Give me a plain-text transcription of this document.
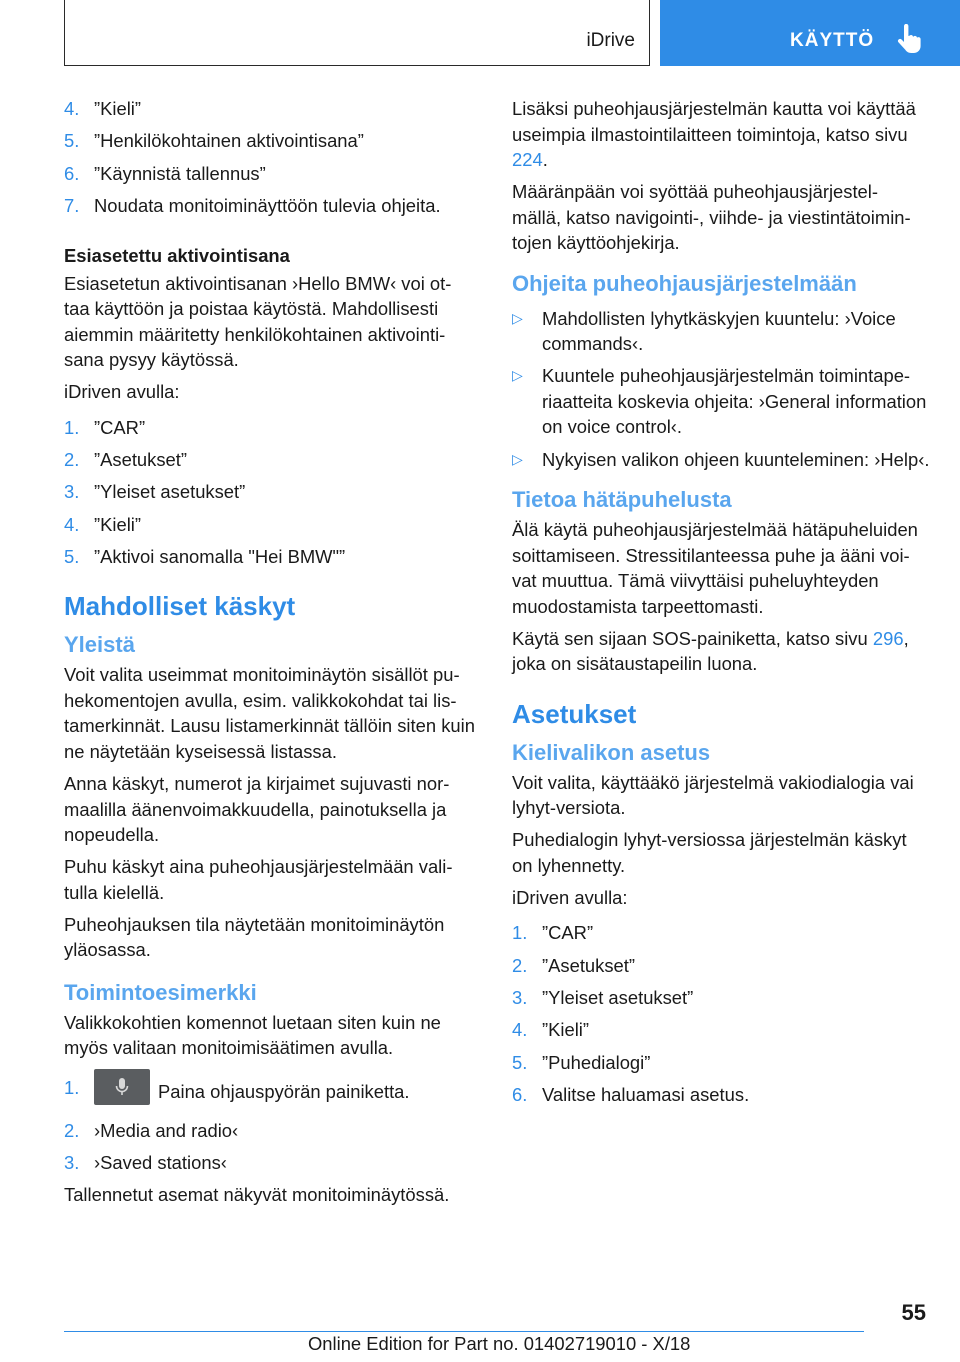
iDrive	KÄYTTÖ
4. ”Kieli”
5. ”Henkilökohtainen aktivointisana”
6. ”Käynnistä tallennus”
7. Noudata monitoiminäyttöön tulevia ohjeita.
Esiasetettu aktivointisana
Esiasetetun aktivointisanan ›Hello BMW‹ voi ot- taa käyttöön ja poistaa käytöstä. Mahdollisesti aiemmin määritetty henkilökohtainen aktivointi- sana pysyy käytössä.
iDriven avulla:
1. ”CAR”
2. ”Asetukset”
3. ”Yleiset asetukset”
4. ”Kieli”
5. ”Aktivoi sanomalla "Hei BMW"”
Mahdolliset käskyt
Yleistä
Voit valita useimmat monitoiminäytön sisällöt pu- hekomentojen avulla, esim. valikkokohdat tai lis- tamerkinnät. Lausu listamerkinnät tällöin siten kuin ne näytetään kyseisessä listassa.
Anna käskyt, numerot ja kirjaimet sujuvasti nor- maalilla äänenvoimakkuudella, painotuksella ja nopeudella.
Puhu käskyt aina puheohjausjärjestelmään vali- tulla kielellä.
Puheohjauksen tila näytetään monitoiminäytön yläosassa.
Toimintoesimerkki
Valikkokohtien komennot luetaan siten kuin ne myös valitaan monitoimisäätimen avulla.
1.	Paina ohjauspyörän painiketta.
2. ›Media and radio‹
3. ›Saved stations‹
Tallennetut asemat näkyvät monitoiminäytössä.
Lisäksi puheohjausjärjestelmän kautta voi käyttää useimpia ilmastointilaitteen toimintoja, katso sivu 224.
Määränpään voi syöttää puheohjausjärjestel- mällä, katso navigointi-, viihde- ja viestintätoimin- tojen käyttöohjekirja.
Ohjeita puheohjausjärjestelmään
▷ Mahdollisten lyhytkäskyjen kuuntelu: ›Voice commands‹.
▷ Kuuntele puheohjausjärjestelmän toimintape- riaatteita koskevia ohjeita: ›General information on voice control‹.
▷ Nykyisen valikon ohjeen kuunteleminen: ›Help‹.
Tietoa hätäpuhelusta
Älä käytä puheohjausjärjestelmää hätäpuheluiden soittamiseen. Stressitilanteessa puhe ja ääni voi- vat muuttua. Tämä viivyttäisi puheluyhteyden muodostamista tarpeettomasti.
Käytä sen sijaan SOS-painiketta, katso sivu 296, joka on sisätaustapeilin luona.
Asetukset
Kielivalikon asetus
Voit valita, käyttääkö järjestelmä vakiodialogia vai lyhyt-versiota.
Puhedialogin lyhyt-versiossa järjestelmän käskyt on lyhennetty.
iDriven avulla:
1. ”CAR”
2. ”Asetukset”
3. ”Yleiset asetukset”
4. ”Kieli”
5. ”Puhedialogi”
6. Valitse haluamasi asetus.
55
Online Edition for Part no. 01402719010 - X/18
